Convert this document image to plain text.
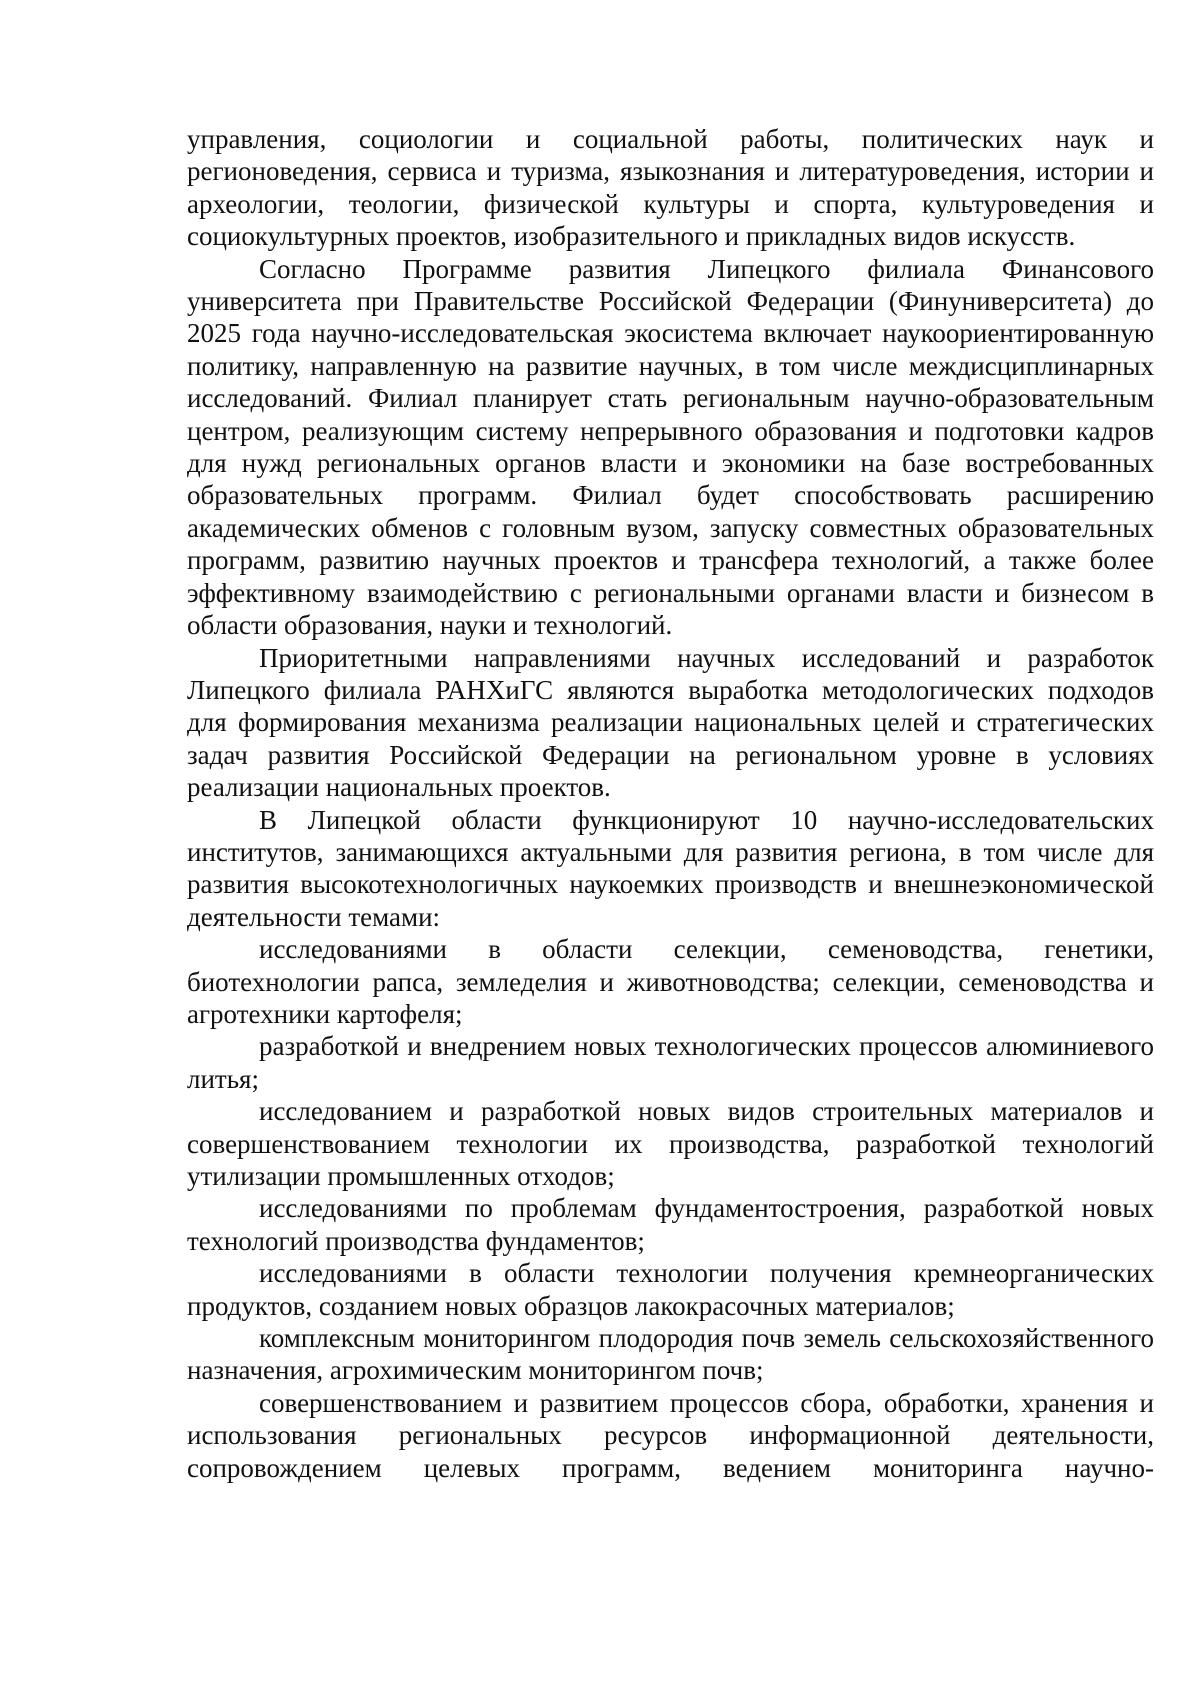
управления, социологии и социальной работы, политических наук и регионоведения, сервиса и туризма, языкознания и литературоведения, истории и археологии, теологии, физической культуры и спорта, культуроведения и социокультурных проектов, изобразительного и прикладных видов искусств.

Согласно Программе развития Липецкого филиала Финансового университета при Правительстве Российской Федерации (Финуниверситета) до 2025 года научно-исследовательская экосистема включает наукоориентированную политику, направленную на развитие научных, в том числе междисциплинарных исследований. Филиал планирует стать региональным научно-образовательным центром, реализующим систему непрерывного образования и подготовки кадров для нужд региональных органов власти и экономики на базе востребованных образовательных программ. Филиал будет способствовать расширению академических обменов с головным вузом, запуску совместных образовательных программ, развитию научных проектов и трансфера технологий, а также более эффективному взаимодействию с региональными органами власти и бизнесом в области образования, науки и технологий.

Приоритетными направлениями научных исследований и разработок Липецкого филиала РАНХиГС являются выработка методологических подходов для формирования механизма реализации национальных целей и стратегических задач развития Российской Федерации на региональном уровне в условиях реализации национальных проектов.

В Липецкой области функционируют 10 научно-исследовательских институтов, занимающихся актуальными для развития региона, в том числе для развития высокотехнологичных наукоемких производств и внешнеэкономической деятельности темами:

исследованиями в области селекции, семеноводства, генетики, биотехнологии рапса, земледелия и животноводства; селекции, семеноводства и агротехники картофеля;

разработкой и внедрением новых технологических процессов алюминиевого литья;

исследованием и разработкой новых видов строительных материалов и совершенствованием технологии их производства, разработкой технологий утилизации промышленных отходов;

исследованиями по проблемам фундаментостроения, разработкой новых технологий производства фундаментов;

исследованиями в области технологии получения кремнеорганических продуктов, созданием новых образцов лакокрасочных материалов;

комплексным мониторингом плодородия почв земель сельскохозяйственного назначения, агрохимическим мониторингом почв;

совершенствованием и развитием процессов сбора, обработки, хранения и использования региональных ресурсов информационной деятельности, сопровождением целевых программ, ведением мониторинга научно-
